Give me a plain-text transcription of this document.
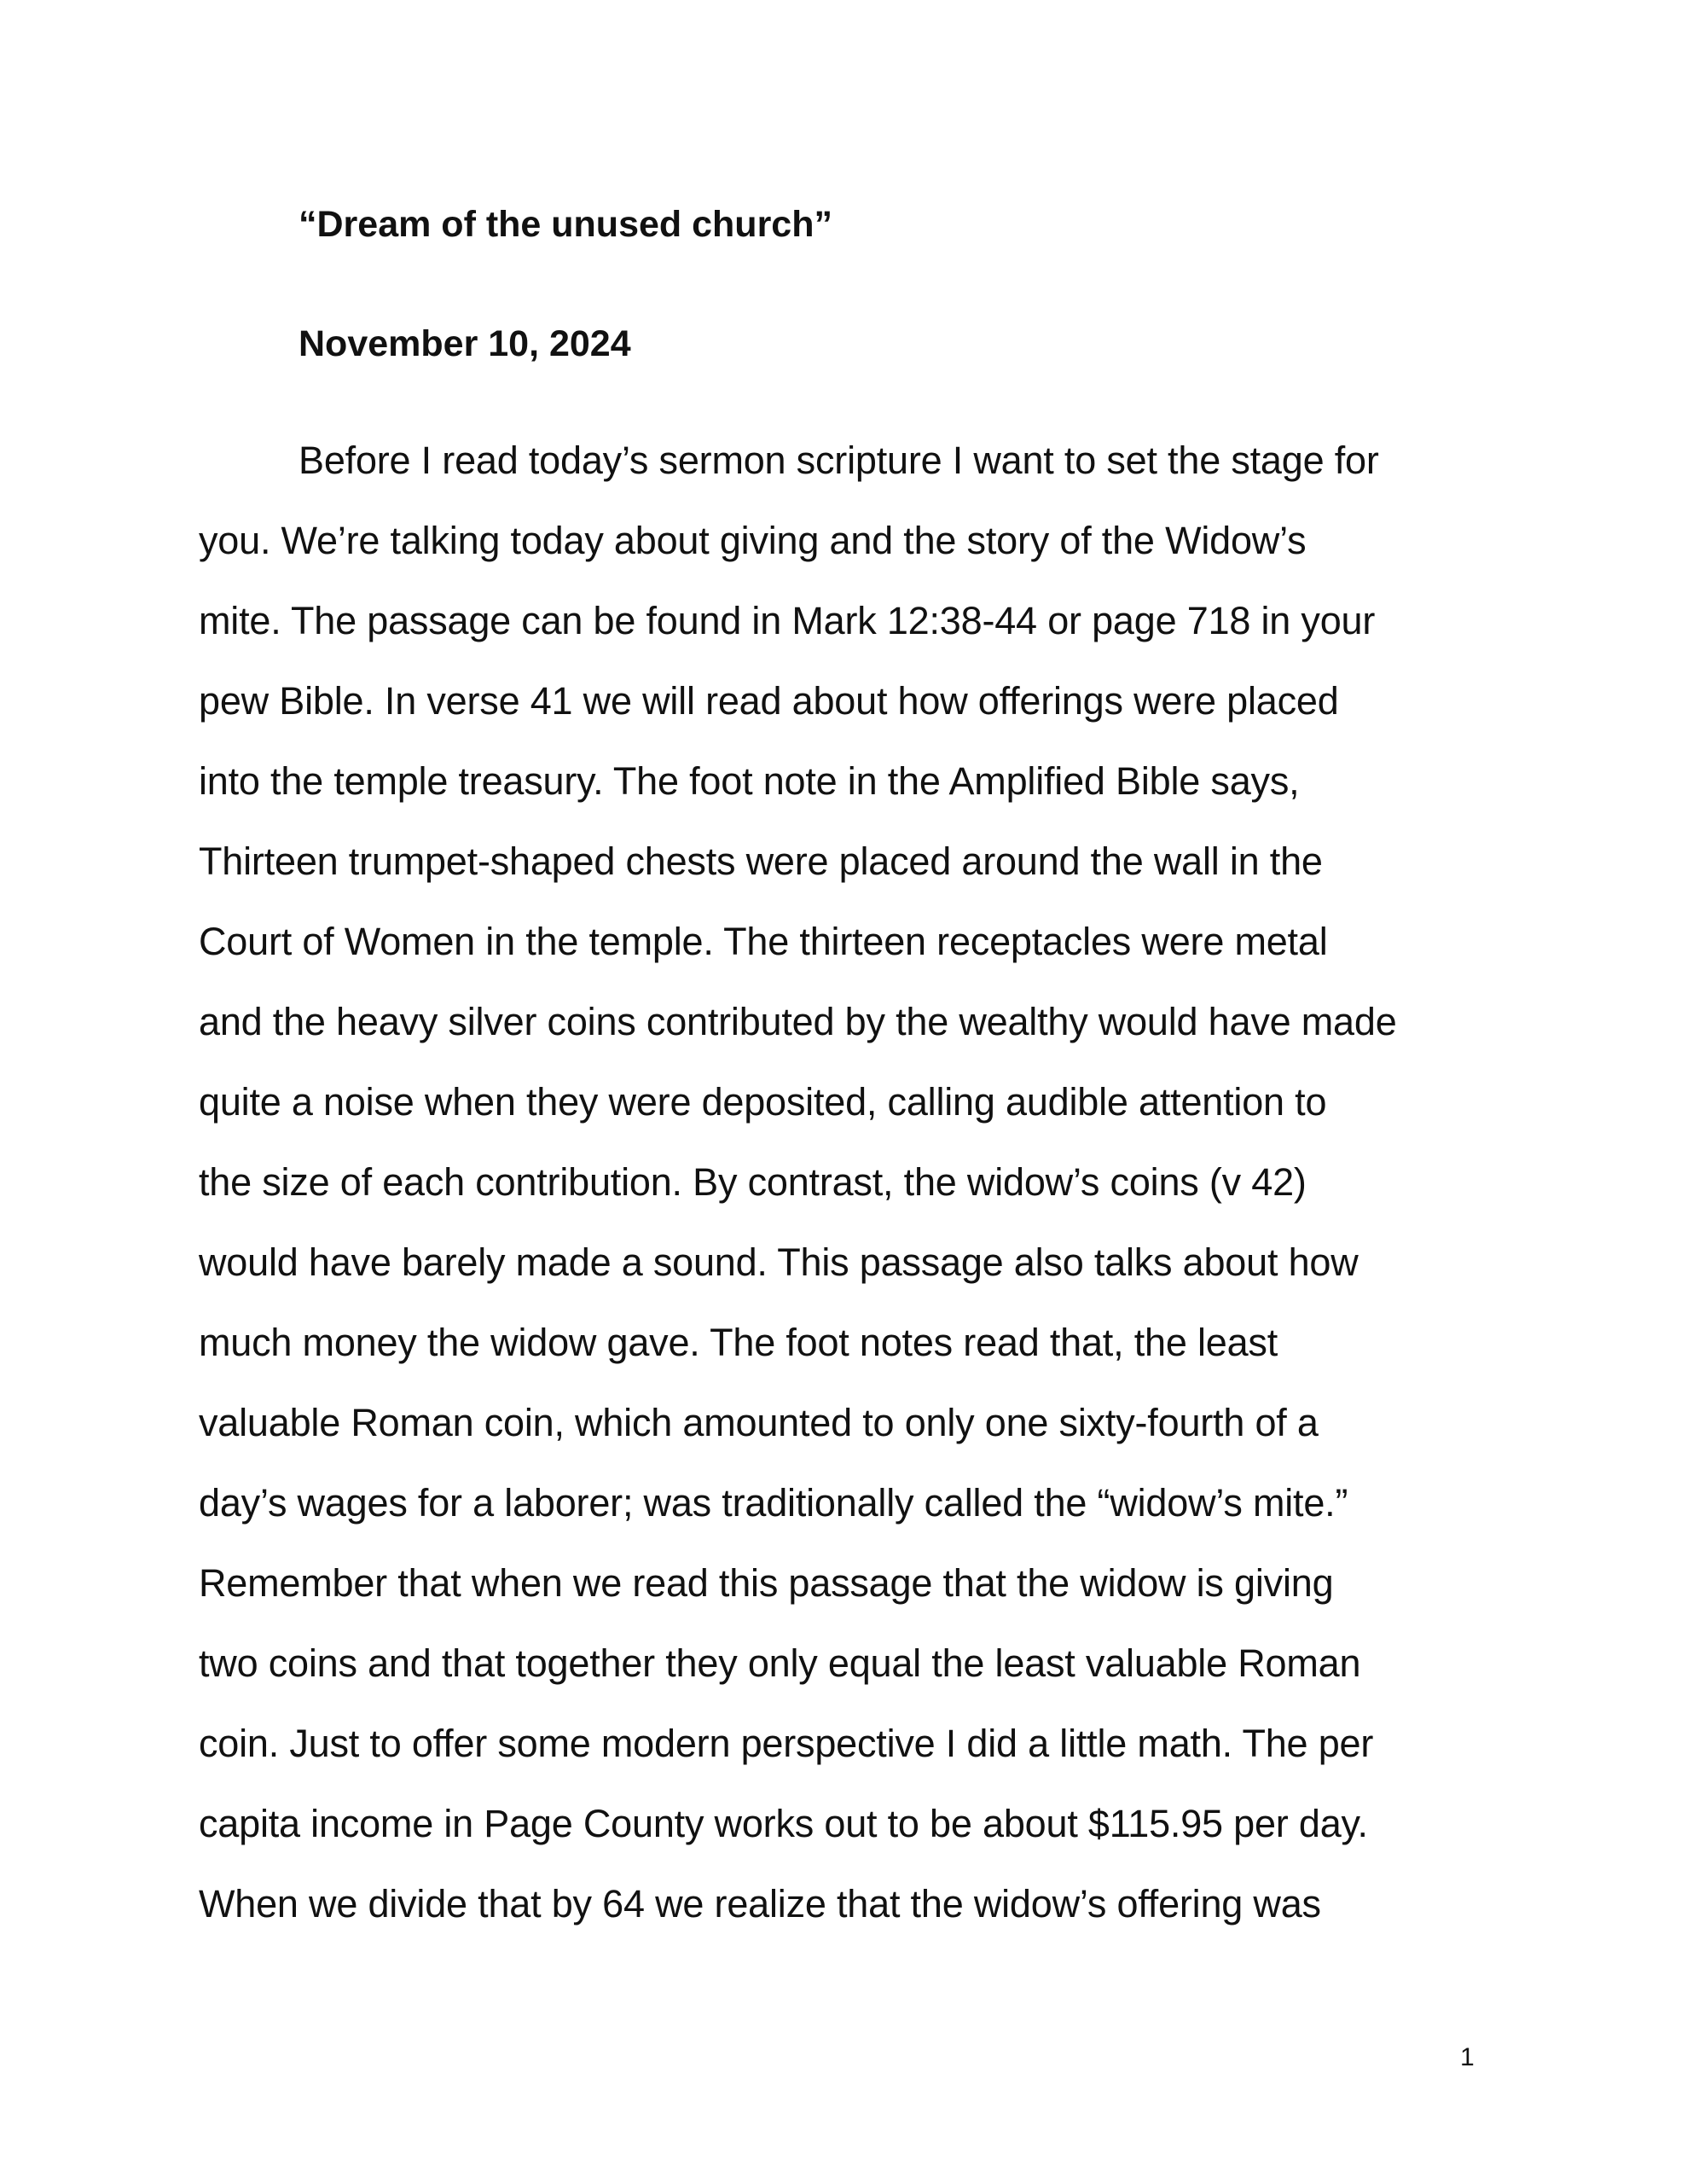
“Dream of the unused church”
November 10, 2024
Before I read today’s sermon scripture I want to set the stage for
you. We’re talking today about giving and the story of the Widow’s
mite. The passage can be found in Mark 12:38-44 or page 718 in your
pew Bible. In verse 41 we will read about how offerings were placed
into the temple treasury. The foot note in the Amplified Bible says,
Thirteen trumpet-shaped chests were placed around the wall in the
Court of Women in the temple. The thirteen receptacles were metal
and the heavy silver coins contributed by the wealthy would have made
quite a noise when they were deposited, calling audible attention to
the size of each contribution. By contrast, the widow’s coins (v 42)
would have barely made a sound. This passage also talks about how
much money the widow gave. The foot notes read that, the least
valuable Roman coin, which amounted to only one sixty-fourth of a
day’s wages for a laborer; was traditionally called the “widow’s mite.”
Remember that when we read this passage that the widow is giving
two coins and that together they only equal the least valuable Roman
coin. Just to offer some modern perspective I did a little math. The per
capita income in Page County works out to be about $115.95 per day.
When we divide that by 64 we realize that the widow’s offering was
1
